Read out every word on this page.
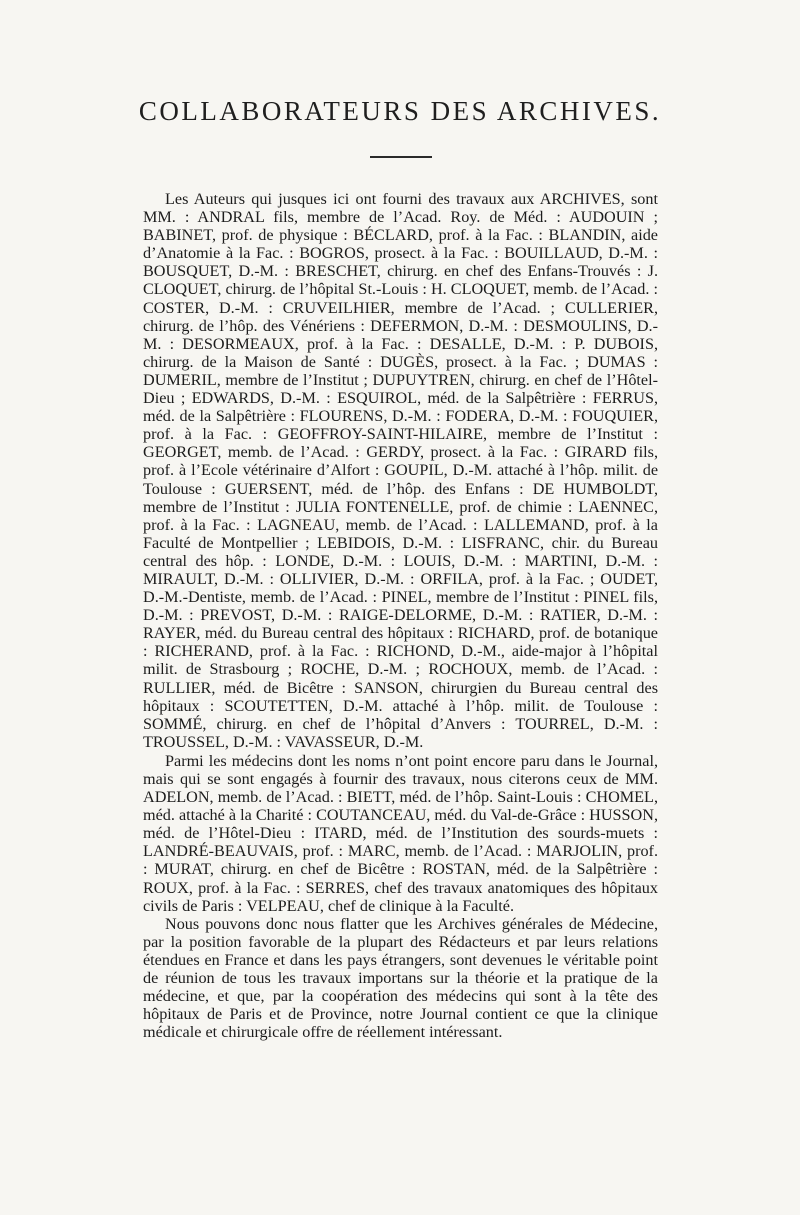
COLLABORATEURS DES ARCHIVES.

Les Auteurs qui jusques ici ont fourni des travaux aux ARCHIVES, sont MM. : ANDRAL fils, membre de l’Acad. Roy. de Méd. : AUDOUIN ; BABINET, prof. de physique : BÉCLARD, prof. à la Fac. : BLANDIN, aide d’Anatomie à la Fac. : BOGROS, prosect. à la Fac. : BOUILLAUD, D.-M. : BOUSQUET, D.-M. : BRESCHET, chirurg. en chef des Enfans-Trouvés : J. CLOQUET, chirurg. de l’hôpital St.-Louis : H. CLOQUET, memb. de l’Acad. : COSTER, D.-M. : CRUVEILHIER, membre de l’Acad. ; CULLERIER, chirurg. de l’hôp. des Vénériens : DEFERMON, D.-M. : DESMOULINS, D.-M. : DESORMEAUX, prof. à la Fac. : DESALLE, D.-M. : P. DUBOIS, chirurg. de la Maison de Santé : DUGÈS, prosect. à la Fac. ; DUMAS : DUMERIL, membre de l’Institut ; DUPUYTREN, chirurg. en chef de l’Hôtel-Dieu ; EDWARDS, D.-M. : ESQUIROL, méd. de la Salpêtrière : FERRUS, méd. de la Salpêtrière : FLOURENS, D.-M. : FODERA, D.-M. : FOUQUIER, prof. à la Fac. : GEOFFROY-SAINT-HILAIRE, membre de l’Institut : GEORGET, memb. de l’Acad. : GERDY, prosect. à la Fac. : GIRARD fils, prof. à l’Ecole vétérinaire d’Alfort : GOUPIL, D.-M. attaché à l’hôp. milit. de Toulouse : GUERSENT, méd. de l’hôp. des Enfans : DE HUMBOLDT, membre de l’Institut : JULIA FONTENELLE, prof. de chimie : LAENNEC, prof. à la Fac. : LAGNEAU, memb. de l’Acad. : LALLEMAND, prof. à la Faculté de Montpellier ; LEBIDOIS, D.-M. : LISFRANC, chir. du Bureau central des hôp. : LONDE, D.-M. : LOUIS, D.-M. : MARTINI, D.-M. : MIRAULT, D.-M. : OLLIVIER, D.-M. : ORFILA, prof. à la Fac. ; OUDET, D.-M.-Dentiste, memb. de l’Acad. : PINEL, membre de l’Institut : PINEL fils, D.-M. : PREVOST, D.-M. : RAIGE-DELORME, D.-M. : RATIER, D.-M. : RAYER, méd. du Bureau central des hôpitaux : RICHARD, prof. de botanique : RICHERAND, prof. à la Fac. : RICHOND, D.-M., aide-major à l’hôpital milit. de Strasbourg ; ROCHE, D.-M. ; ROCHOUX, memb. de l’Acad. : RULLIER, méd. de Bicêtre : SANSON, chirurgien du Bureau central des hôpitaux : SCOUTETTEN, D.-M. attaché à l’hôp. milit. de Toulouse : SOMMÉ, chirurg. en chef de l’hôpital d’Anvers : TOURREL, D.-M. : TROUSSEL, D.-M. : VAVASSEUR, D.-M.

Parmi les médecins dont les noms n’ont point encore paru dans le Journal, mais qui se sont engagés à fournir des travaux, nous citerons ceux de MM. ADELON, memb. de l’Acad. : BIETT, méd. de l’hôp. Saint-Louis : CHOMEL, méd. attaché à la Charité : COUTANCEAU, méd. du Val-de-Grâce : HUSSON, méd. de l’Hôtel-Dieu : ITARD, méd. de l’Institution des sourds-muets : LANDRÉ-BEAUVAIS, prof. : MARC, memb. de l’Acad. : MARJOLIN, prof. : MURAT, chirurg. en chef de Bicêtre : ROSTAN, méd. de la Salpêtrière : ROUX, prof. à la Fac. : SERRES, chef des travaux anatomiques des hôpitaux civils de Paris : VELPEAU, chef de clinique à la Faculté.

Nous pouvons donc nous flatter que les Archives générales de Médecine, par la position favorable de la plupart des Rédacteurs et par leurs relations étendues en France et dans les pays étrangers, sont devenues le véritable point de réunion de tous les travaux importans sur la théorie et la pratique de la médecine, et que, par la coopération des médecins qui sont à la tête des hôpitaux de Paris et de Province, notre Journal contient ce que la clinique médicale et chirurgicale offre de réellement intéressant.
